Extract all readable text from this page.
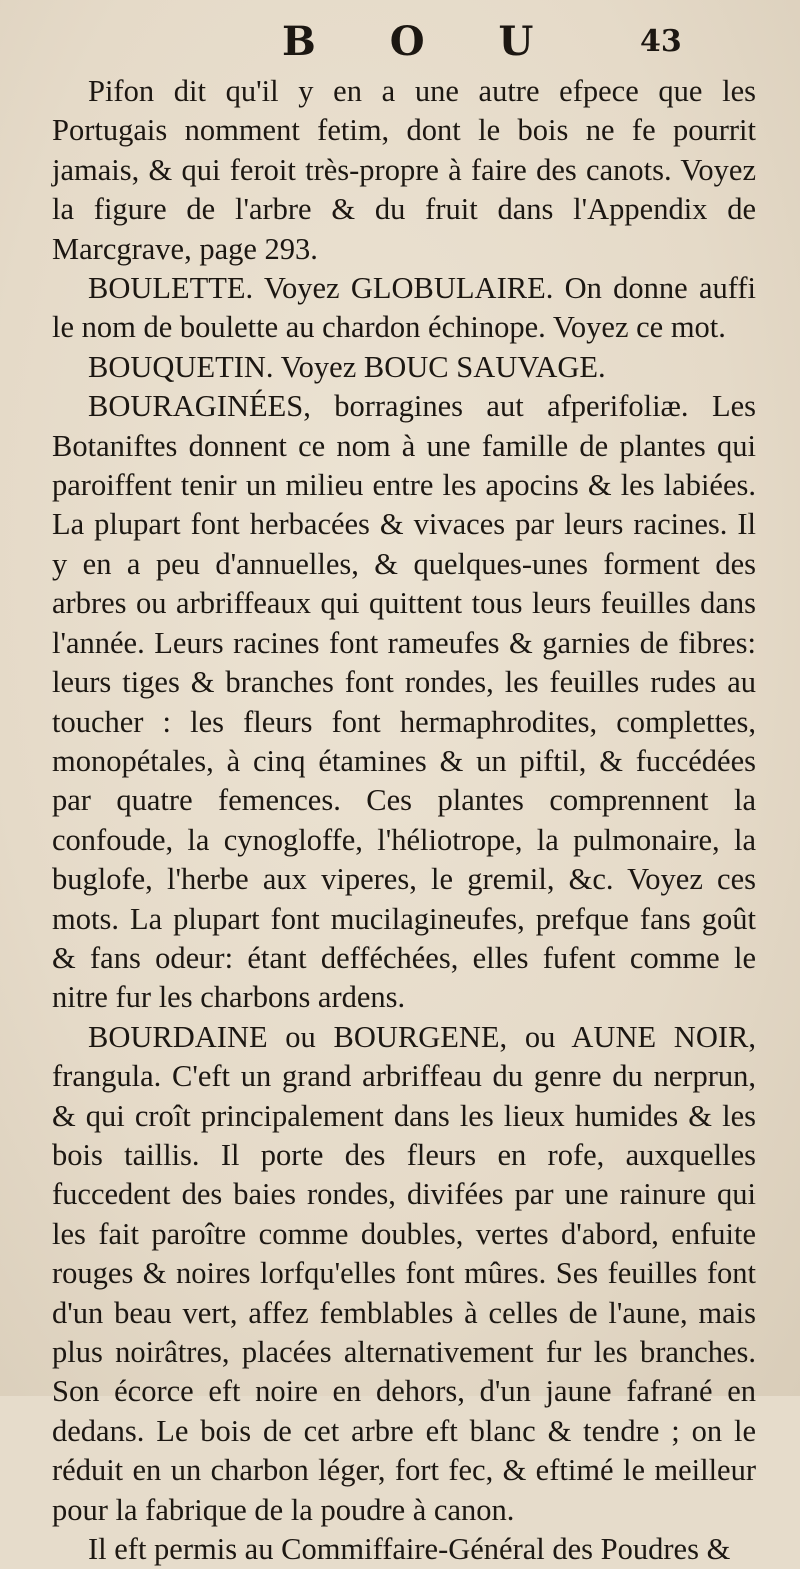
B O U	43

Pifon dit qu'il y en a une autre efpece que les Portugais nomment fetim, dont le bois ne fe pourrit jamais, & qui feroit très-propre à faire des canots. Voyez la figure de l'arbre & du fruit dans l'Appendix de Marcgrave, page 293.

BOULETTE. Voyez GLOBULAIRE. On donne auffi le nom de boulette au chardon échinope. Voyez ce mot.

BOUQUETIN. Voyez BOUC SAUVAGE.

BOURAGINÉES, borragines aut afperifoliæ. Les Botaniftes donnent ce nom à une famille de plantes qui paroiffent tenir un milieu entre les apocins & les labiées. La plupart font herbacées & vivaces par leurs racines. Il y en a peu d'annuelles, & quelques-unes forment des arbres ou arbriffeaux qui quittent tous leurs feuilles dans l'année. Leurs racines font rameufes & garnies de fibres: leurs tiges & branches font rondes, les feuilles rudes au toucher : les fleurs font hermaphrodites, complettes, monopétales, à cinq étamines & un piftil, & fuccédées par quatre femences. Ces plantes comprennent la confoude, la cynogloffe, l'héliotrope, la pulmonaire, la buglofe, l'herbe aux viperes, le gremil, &c. Voyez ces mots. La plupart font mucilagineufes, prefque fans goût & fans odeur: étant defféchées, elles fufent comme le nitre fur les charbons ardens.

BOURDAINE ou BOURGENE, ou AUNE NOIR, frangula. C'eft un grand arbriffeau du genre du nerprun, & qui croît principalement dans les lieux humides & les bois taillis. Il porte des fleurs en rofe, auxquelles fuccedent des baies rondes, divifées par une rainure qui les fait paroître comme doubles, vertes d'abord, enfuite rouges & noires lorfqu'elles font mûres. Ses feuilles font d'un beau vert, affez femblables à celles de l'aune, mais plus noirâtres, placées alternativement fur les branches. Son écorce eft noire en dehors, d'un jaune fafrané en dedans. Le bois de cet arbre eft blanc & tendre ; on le réduit en un charbon léger, fort fec, & eftimé le meilleur pour la fabrique de la poudre à canon.

Il eft permis au Commiffaire-Général des Poudres &
